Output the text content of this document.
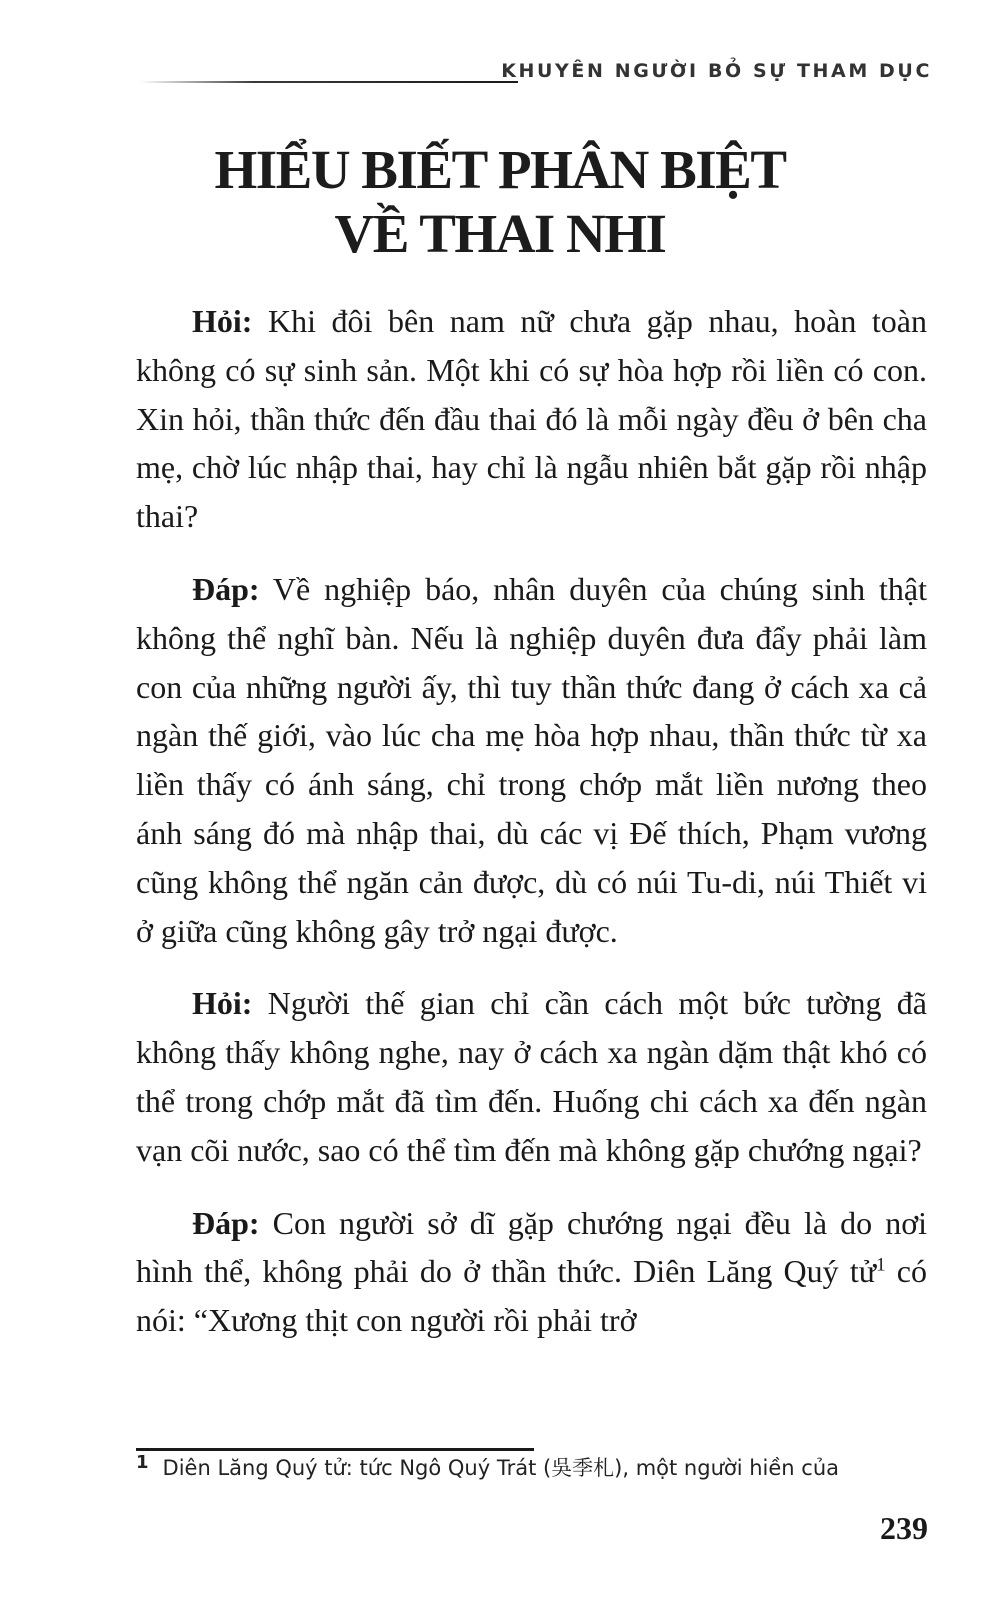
KHUYÊN NGƯỜI BỎ SỰ THAM DỤC
HIỂU BIẾT PHÂN BIỆT
VỀ THAI NHI

Hỏi: Khi đôi bên nam nữ chưa gặp nhau, hoàn toàn không có sự sinh sản. Một khi có sự hòa hợp rồi liền có con. Xin hỏi, thần thức đến đầu thai đó là mỗi ngày đều ở bên cha mẹ, chờ lúc nhập thai, hay chỉ là ngẫu nhiên bắt gặp rồi nhập thai?

Đáp: Về nghiệp báo, nhân duyên của chúng sinh thật không thể nghĩ bàn. Nếu là nghiệp duyên đưa đẩy phải làm con của những người ấy, thì tuy thần thức đang ở cách xa cả ngàn thế giới, vào lúc cha mẹ hòa hợp nhau, thần thức từ xa liền thấy có ánh sáng, chỉ trong chớp mắt liền nương theo ánh sáng đó mà nhập thai, dù các vị Đế thích, Phạm vương cũng không thể ngăn cản được, dù có núi Tu-di, núi Thiết vi ở giữa cũng không gây trở ngại được.

Hỏi: Người thế gian chỉ cần cách một bức tường đã không thấy không nghe, nay ở cách xa ngàn dặm thật khó có thể trong chớp mắt đã tìm đến. Huống chi cách xa đến ngàn vạn cõi nước, sao có thể tìm đến mà không gặp chướng ngại?

Đáp: Con người sở dĩ gặp chướng ngại đều là do nơi hình thể, không phải do ở thần thức. Diên Lăng Quý tử$^1$ có nói: “Xương thịt con người rồi phải trở

1 Diên Lăng Quý tử: tức Ngô Quý Trát (吳季札), một người hiền của
239
